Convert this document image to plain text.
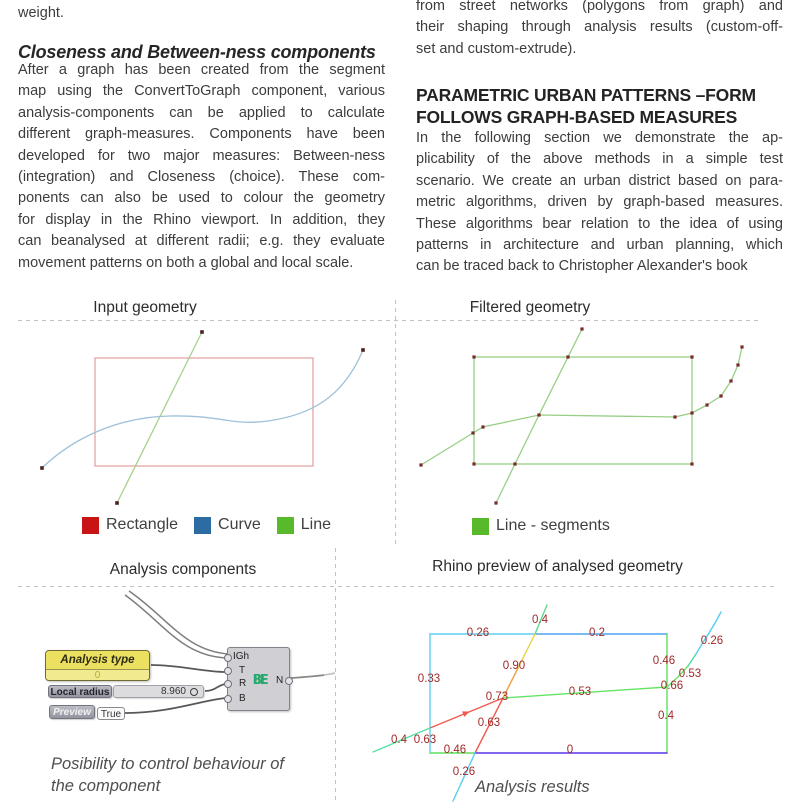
weight.
Closeness and Between-ness components
After a graph has been created from the segment
map using the ConvertToGraph component, various
analysis-components can be applied to calculate
different graph-measures. Components have been
developed for two major measures: Between-ness
(integration) and Closeness (choice). These com-
ponents can also be used to colour the geometry
for display in the Rhino viewport. In addition, they
can beanalysed at different radii; e.g. they evaluate
movement patterns on both a global and local scale.
from street networks (polygons from graph) and
their shaping through analysis results (custom-off-
set and custom-extrude).
PARAMETRIC URBAN PATTERNS –FORM
FOLLOWS GRAPH-BASED MEASURES
In the following section we demonstrate the ap-
plicability of the above methods in a simple test
scenario. We create an urban district based on para-
metric algorithms, driven by graph-based measures.
These algorithms bear relation to the idea of using
patterns in architecture and urban planning, which
can be traced back to Christopher Alexander's book
Input geometry	Filtered geometry
Analysis components	Rhino preview of analysed geometry
Rectangle	Curve	Line	Line - segments
Analysis type
0
Local radius	8.960
Preview True
IGh
T
R
B
BE N
Posibility to control behaviour of
the component
0.4
0.26	0.2
0.26
0.46
0.90
0.33	0.53
0.66
0.53
0.73
0.4
0.63
0.4 0.63
0.46	0
0.26
Analysis results
